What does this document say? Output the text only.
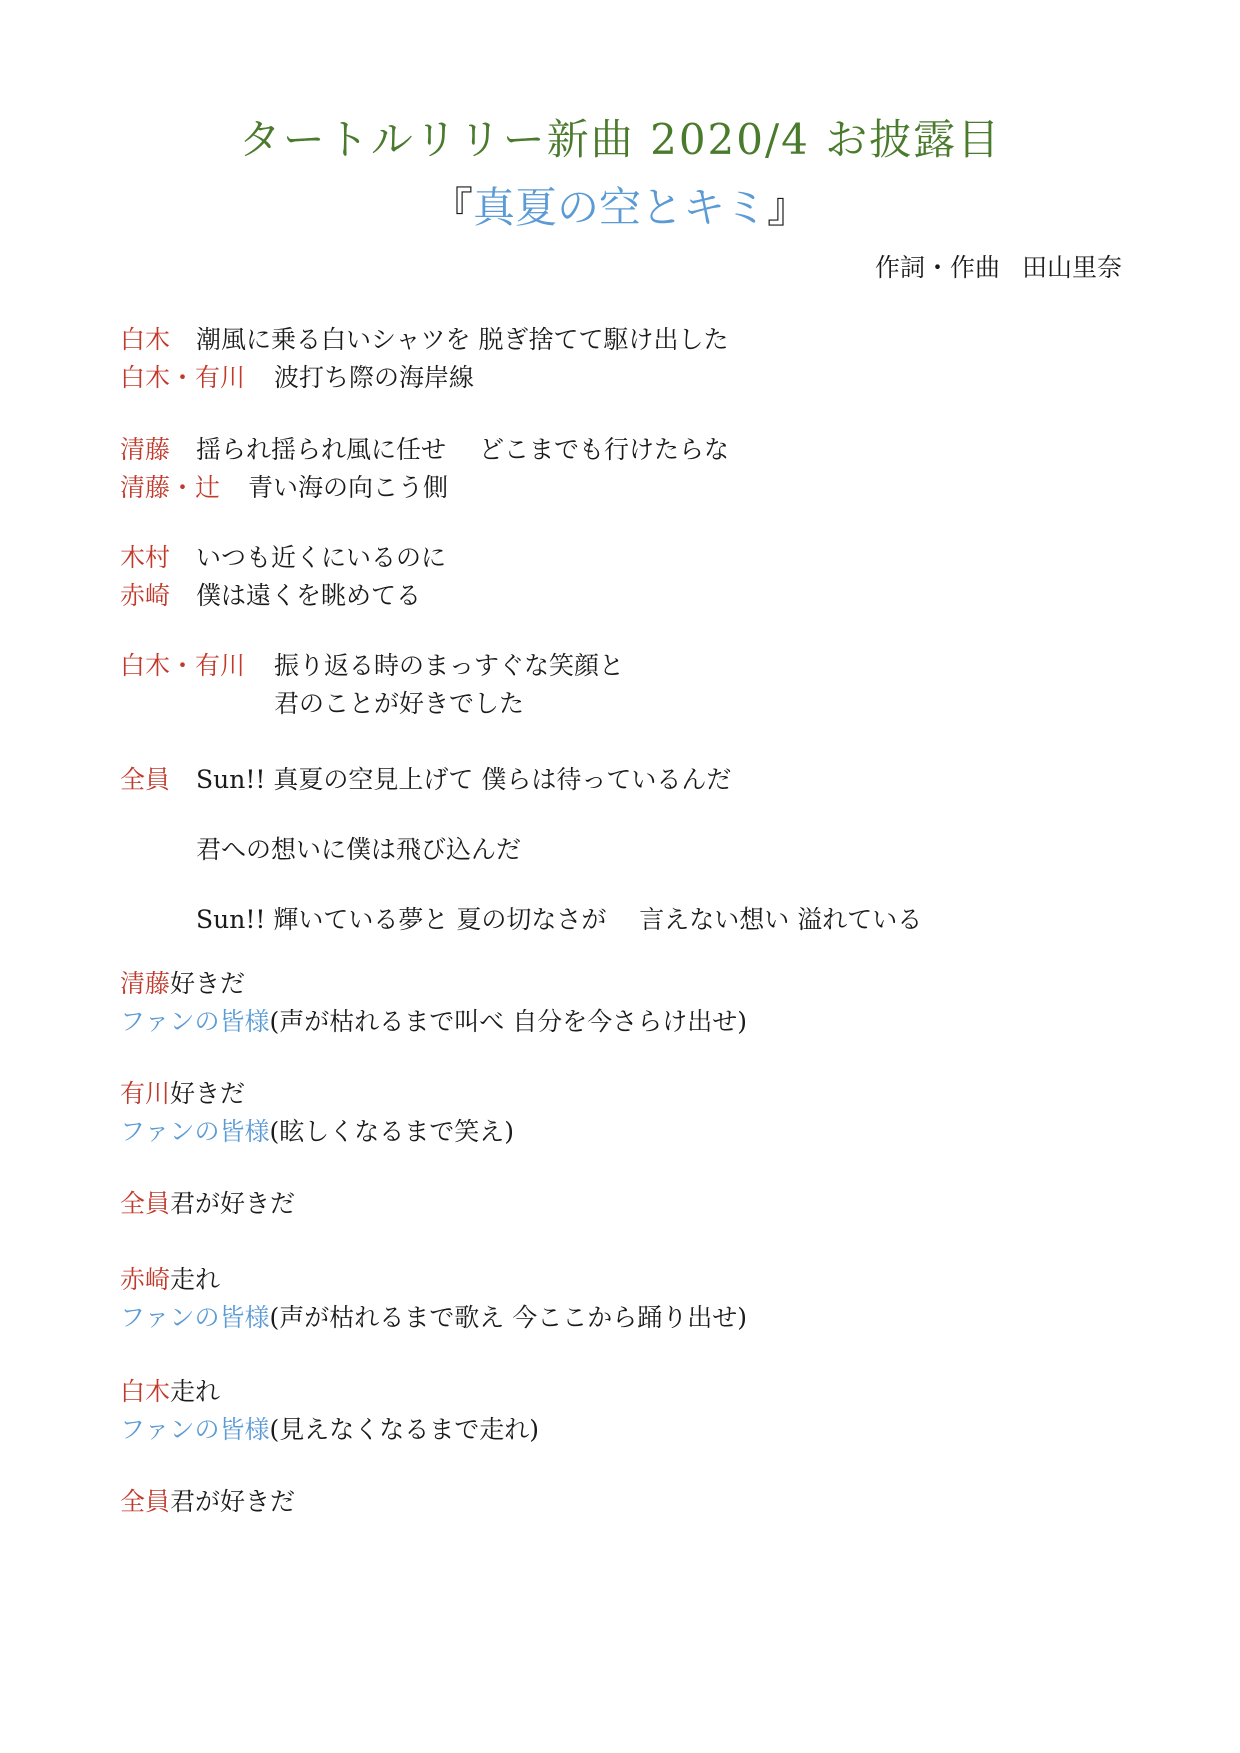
タートルリリー新曲 2020/4 お披露目
『真夏の空とキミ』
作詞・作曲 田山里奈
白木 潮風に乗る白いシャツを 脱ぎ捨てて駆け出した
白木・有川 波打ち際の海岸線
清藤 揺られ揺られ風に任せ　 どこまでも行けたらな
清藤・辻 青い海の向こう側
木村 いつも近くにいるのに
赤崎 僕は遠くを眺めてる
白木・有川 振り返る時のまっすぐな笑顔と
君のことが好きでした
全員 Sun!! 真夏の空見上げて 僕らは待っているんだ
君への想いに僕は飛び込んだ
Sun!! 輝いている夢と 夏の切なさが　 言えない想い 溢れている
清藤好きだ
ファンの皆様(声が枯れるまで叫べ 自分を今さらけ出せ)
有川好きだ
ファンの皆様(眩しくなるまで笑え)
全員君が好きだ
赤崎走れ
ファンの皆様(声が枯れるまで歌え 今ここから踊り出せ)
白木走れ
ファンの皆様(見えなくなるまで走れ)
全員君が好きだ
